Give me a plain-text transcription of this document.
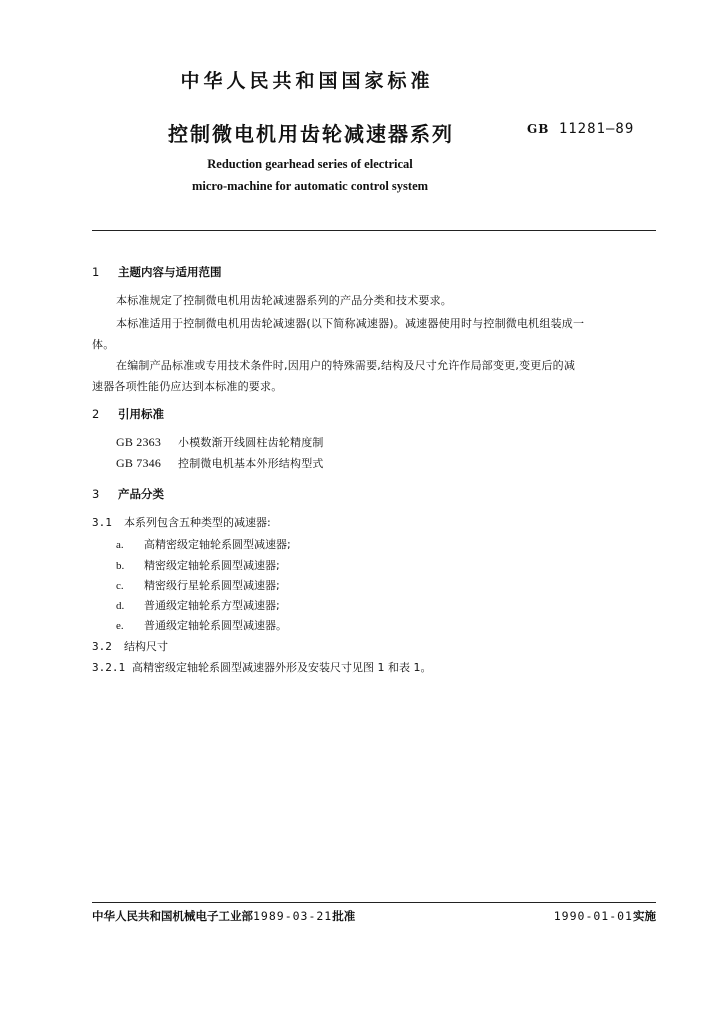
中华人民共和国国家标准
控制微电机用齿轮减速器系列	GB 11281—89
Reduction gearhead series of electrical
micro-machine for automatic control system
1 主题内容与适用范围
本标准规定了控制微电机用齿轮减速器系列的产品分类和技术要求。
本标准适用于控制微电机用齿轮减速器(以下简称减速器)。减速器使用时与控制微电机组装成一
体。
在编制产品标准或专用技术条件时,因用户的特殊需要,结构及尺寸允许作局部变更,变更后的减
速器各项性能仍应达到本标准的要求。
2 引用标准
GB 2363 小模数渐开线圆柱齿轮精度制
GB 7346 控制微电机基本外形结构型式
3 产品分类
3.1 本系列包含五种类型的减速器:
a. 高精密级定轴轮系圆型减速器;
b. 精密级定轴轮系圆型减速器;
c. 精密级行星轮系圆型减速器;
d. 普通级定轴轮系方型减速器;
e. 普通级定轴轮系圆型减速器。
3.2 结构尺寸
3.2.1 高精密级定轴轮系圆型减速器外形及安装尺寸见图 1 和表 1。
中华人民共和国机械电子工业部1989-03-21批准	1990-01-01实施
